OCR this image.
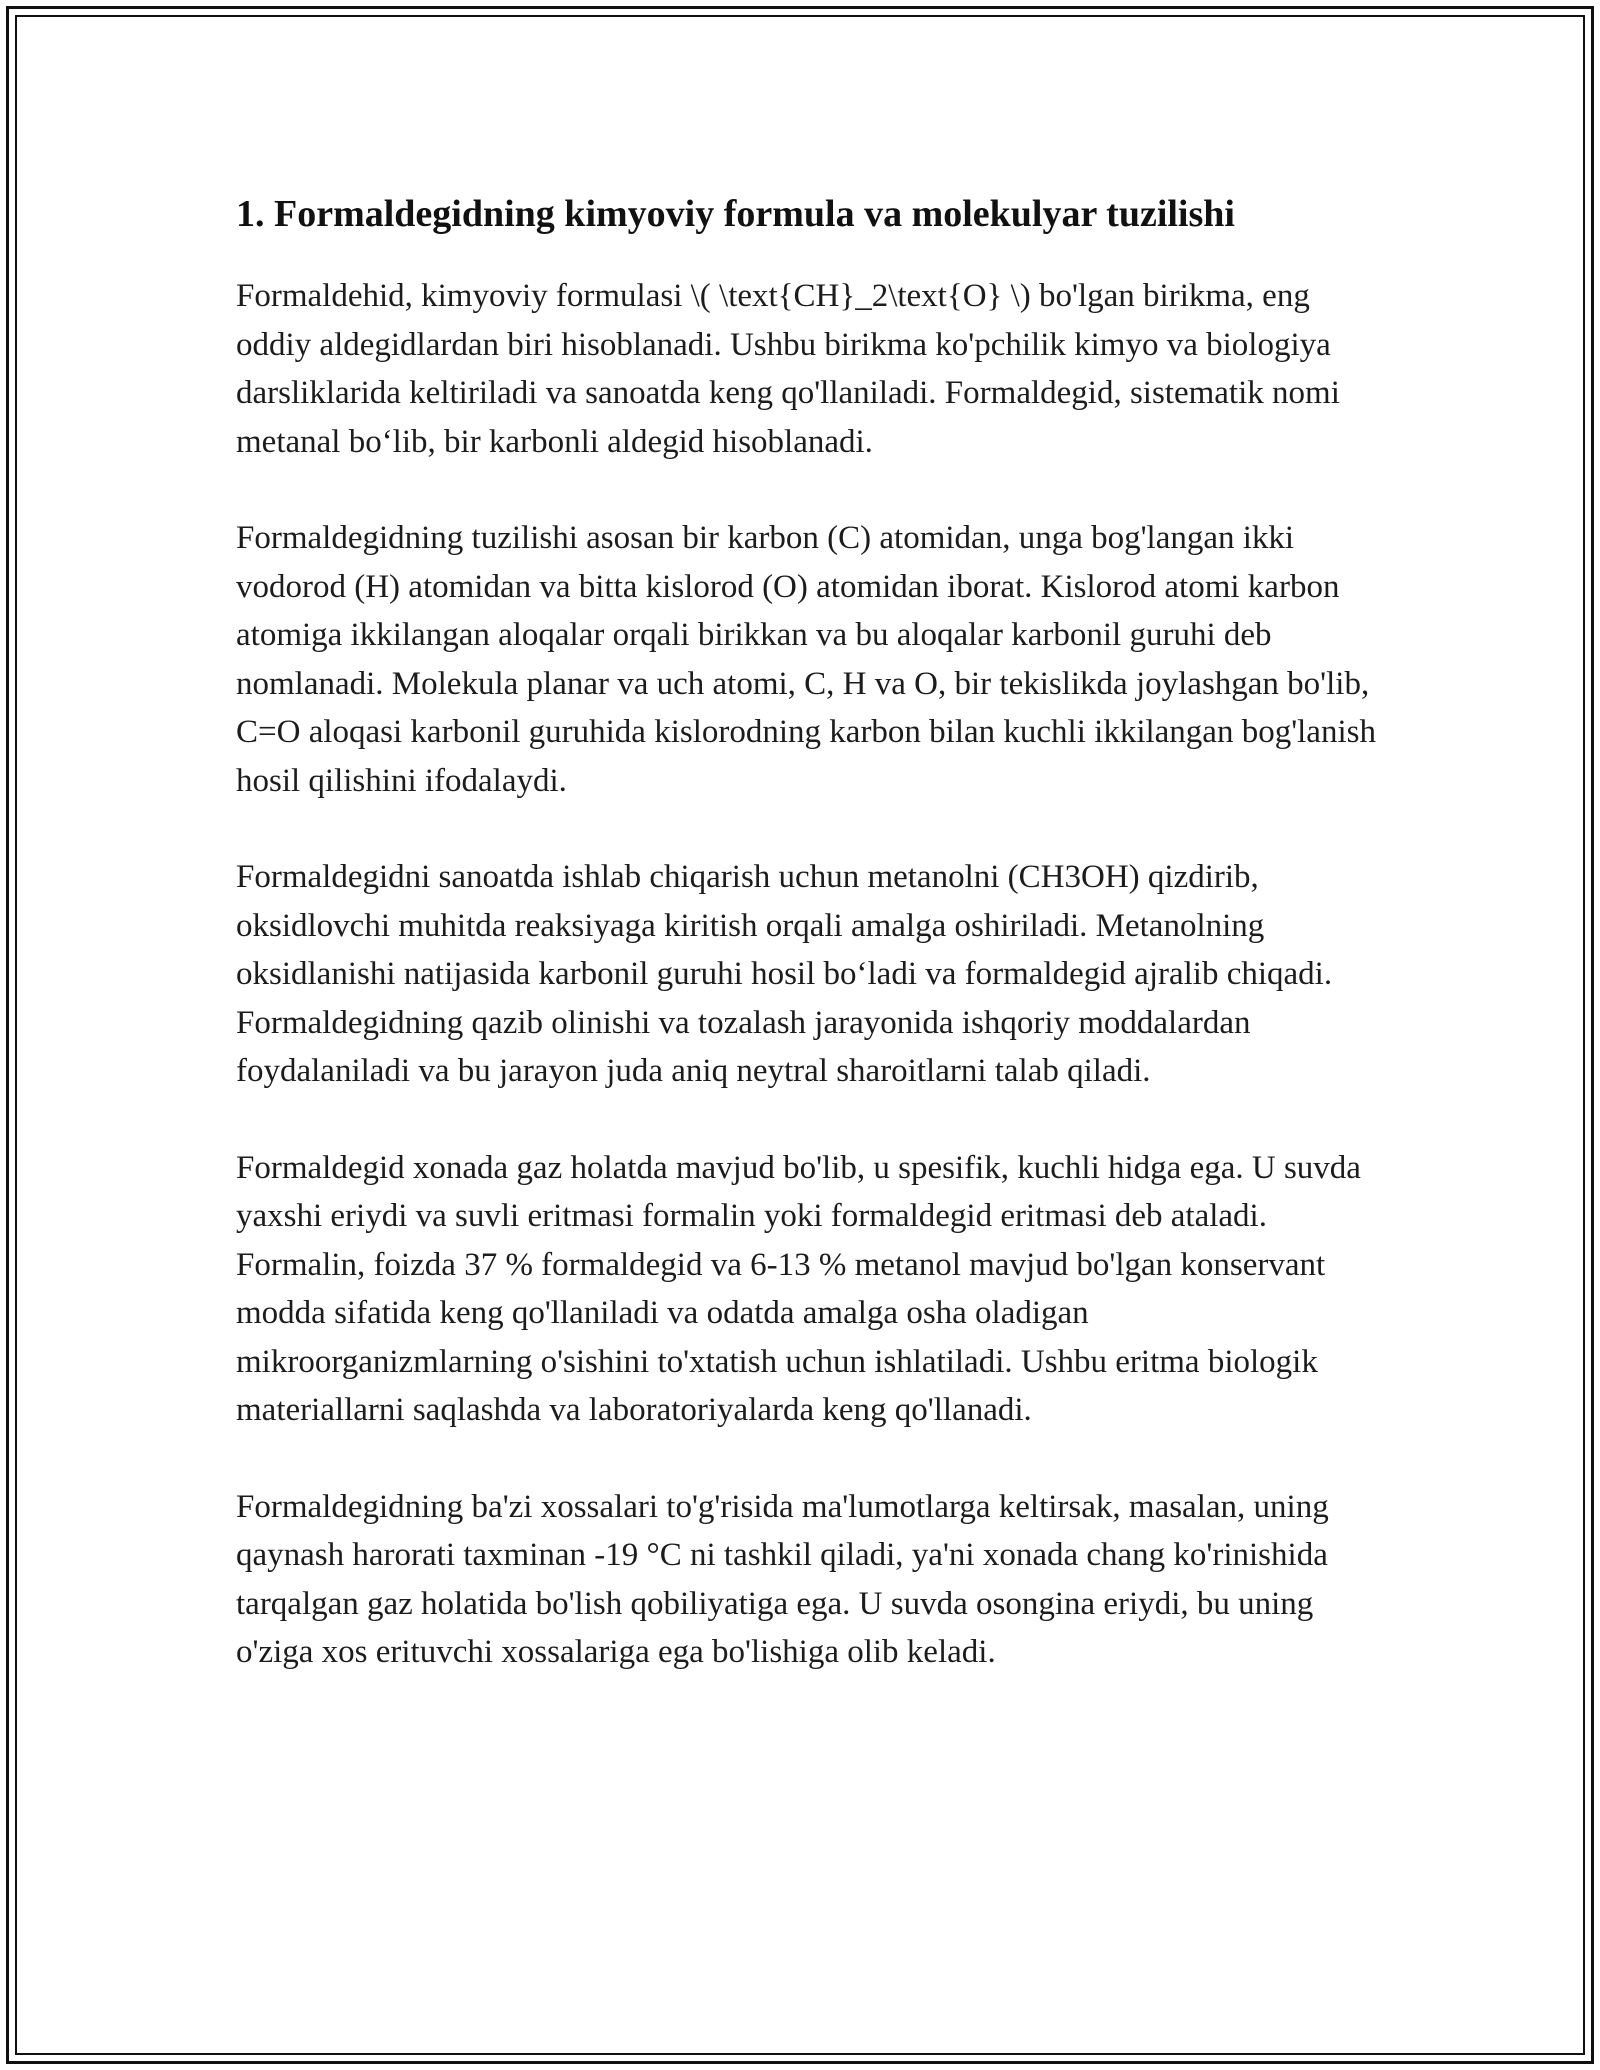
1. Formaldegidning kimyoviy formula va molekulyar tuzilishi

Formaldehid, kimyoviy formulasi \( \text{CH}_2\text{O} \) bo'lgan birikma, eng oddiy aldegidlardan biri hisoblanadi. Ushbu birikma ko'pchilik kimyo va biologiya darsliklarida keltiriladi va sanoatda keng qo'llaniladi. Formaldegid, sistematik nomi metanal bo‘lib, bir karbonli aldegid hisoblanadi.

Formaldegidning tuzilishi asosan bir karbon (C) atomidan, unga bog'langan ikki vodorod (H) atomidan va bitta kislorod (O) atomidan iborat. Kislorod atomi karbon atomiga ikkilangan aloqalar orqali birikkan va bu aloqalar karbonil guruhi deb nomlanadi. Molekula planar va uch atomi, C, H va O, bir tekislikda joylashgan bo'lib, C=O aloqasi karbonil guruhida kislorodning karbon bilan kuchli ikkilangan bog'lanish hosil qilishini ifodalaydi.

Formaldegidni sanoatda ishlab chiqarish uchun metanolni (CH3OH) qizdirib, oksidlovchi muhitda reaksiyaga kiritish orqali amalga oshiriladi. Metanolning oksidlanishi natijasida karbonil guruhi hosil bo‘ladi va formaldegid ajralib chiqadi. Formaldegidning qazib olinishi va tozalash jarayonida ishqoriy moddalardan foydalaniladi va bu jarayon juda aniq neytral sharoitlarni talab qiladi.

Formaldegid xonada gaz holatda mavjud bo'lib, u spesifik, kuchli hidga ega. U suvda yaxshi eriydi va suvli eritmasi formalin yoki formaldegid eritmasi deb ataladi. Formalin, foizda 37 % formaldegid va 6-13 % metanol mavjud bo'lgan konservant modda sifatida keng qo'llaniladi va odatda amalga osha oladigan mikroorganizmlarning o'sishini to'xtatish uchun ishlatiladi. Ushbu eritma biologik materiallarni saqlashda va laboratoriyalarda keng qo'llanadi.

Formaldegidning ba'zi xossalari to'g'risida ma'lumotlarga keltirsak, masalan, uning qaynash harorati taxminan -19 °C ni tashkil qiladi, ya'ni xonada chang ko'rinishida tarqalgan gaz holatida bo'lish qobiliyatiga ega. U suvda osongina eriydi, bu uning o'ziga xos erituvchi xossalariga ega bo'lishiga olib keladi.
